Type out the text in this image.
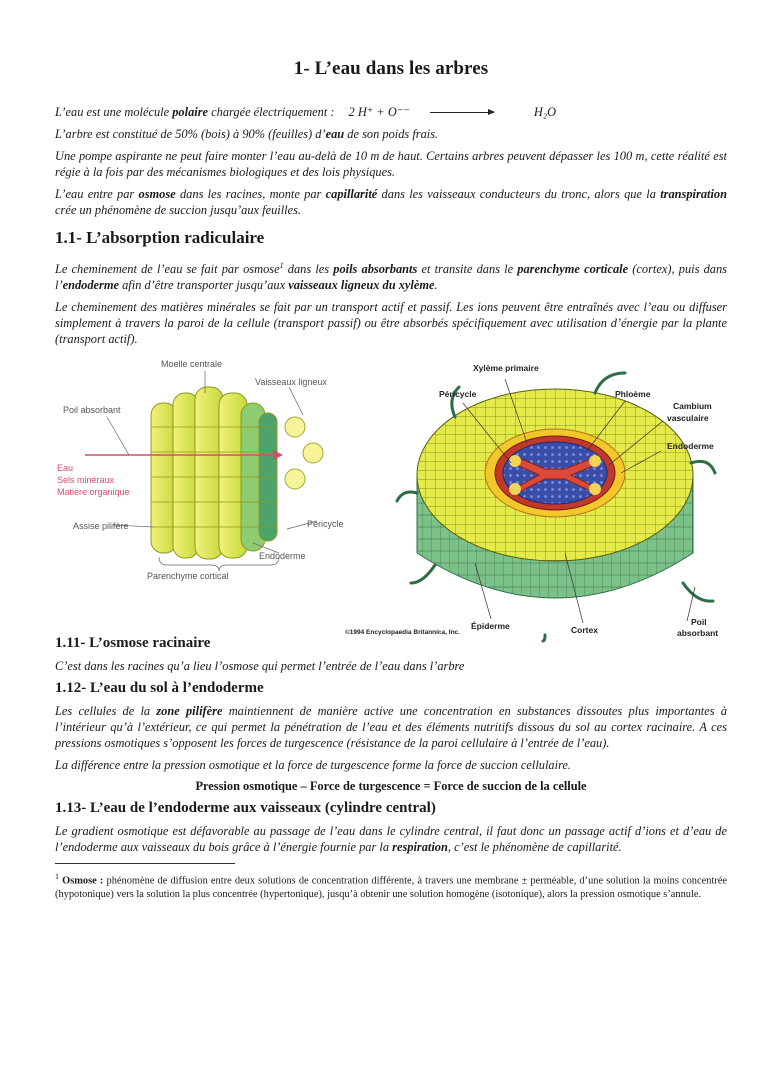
1- L’eau dans les arbres

L’eau est une molécule
polaire
chargée électriquement : 2 H⁺ + O⁻⁻	H₂O

L’arbre est constitué de 50% (bois) à 90% (feuilles) d’eau de son poids frais.

Une pompe aspirante ne peut faire monter l’eau au-delà de 10 m de haut. Certains arbres peuvent dépasser les 100 m, cette réalité est régie à la fois par des mécanismes biologiques et des lois physiques.

L’eau entre par osmose dans les racines, monte par capillarité dans les vaisseaux conducteurs du tronc, alors que la transpiration crée un phénomène de succion jusqu’aux feuilles.

1.1- L’absorption radiculaire

Le cheminement de l’eau se fait par osmose$^1$ dans les poils absorbants et transite dans le parenchyme corticale (cortex), puis dans l’endoderme afin d’être transporter jusqu’aux vaisseaux ligneux du xylème.

Le cheminement des matières minérales se fait par un transport actif et passif. Les ions peuvent être entraînés avec l’eau ou diffuser simplement à travers la paroi de la cellule (transport passif) ou être absorbés spécifiquement avec utilisation d’énergie par la plante (transport actif).

Moelle centrale
Vaisseaux ligneux
Poil absorbant
Eau
Sels minéraux
Matière organique
Assise pilifère	Péricycle
Endoderme
Parenchyme cortical
Xylème primaire
Péricycle	Phloème
Cambium
vasculaire
Endoderme
Épiderme	Cortex
Poil
absorbant
©1994 Encyclopaedia Britannica, Inc.
1.11- L’osmose racinaire

C’est dans les racines qu’a lieu l’osmose qui permet l’entrée de l’eau dans l’arbre

1.12- L’eau du sol à l’endoderme

Les cellules de la zone pilifère maintiennent de manière active une concentration en substances dissoutes plus importantes à l’intérieur qu’à l’extérieur, ce qui permet la pénétration de l’eau et des éléments nutritifs dissous du sol au cortex racinaire. A ces pressions osmotiques s’opposent les forces de turgescence (résistance de la paroi cellulaire à l’entrée de l’eau).

La différence entre la pression osmotique et la force de turgescence forme la force de succion cellulaire.

Pression osmotique – Force de turgescence = Force de succion de la cellule
1.13- L’eau de l’endoderme aux vaisseaux (cylindre central)

Le gradient osmotique est défavorable au passage de l’eau dans le cylindre central, il faut donc un passage actif d’ions et d’eau de l’endoderme aux vaisseaux du bois grâce à l’énergie fournie par la respiration, c’est le phénomène de capillarité.

$^1$ Osmose : phénomène de diffusion entre deux solutions de concentration différente, à travers une membrane ± perméable, d’une solution la moins concentrée (hypotonique) vers la solution la plus concentrée (hypertonique), jusqu’à obtenir une solution homogène (isotonique), alors la pression osmotique s’annule.
